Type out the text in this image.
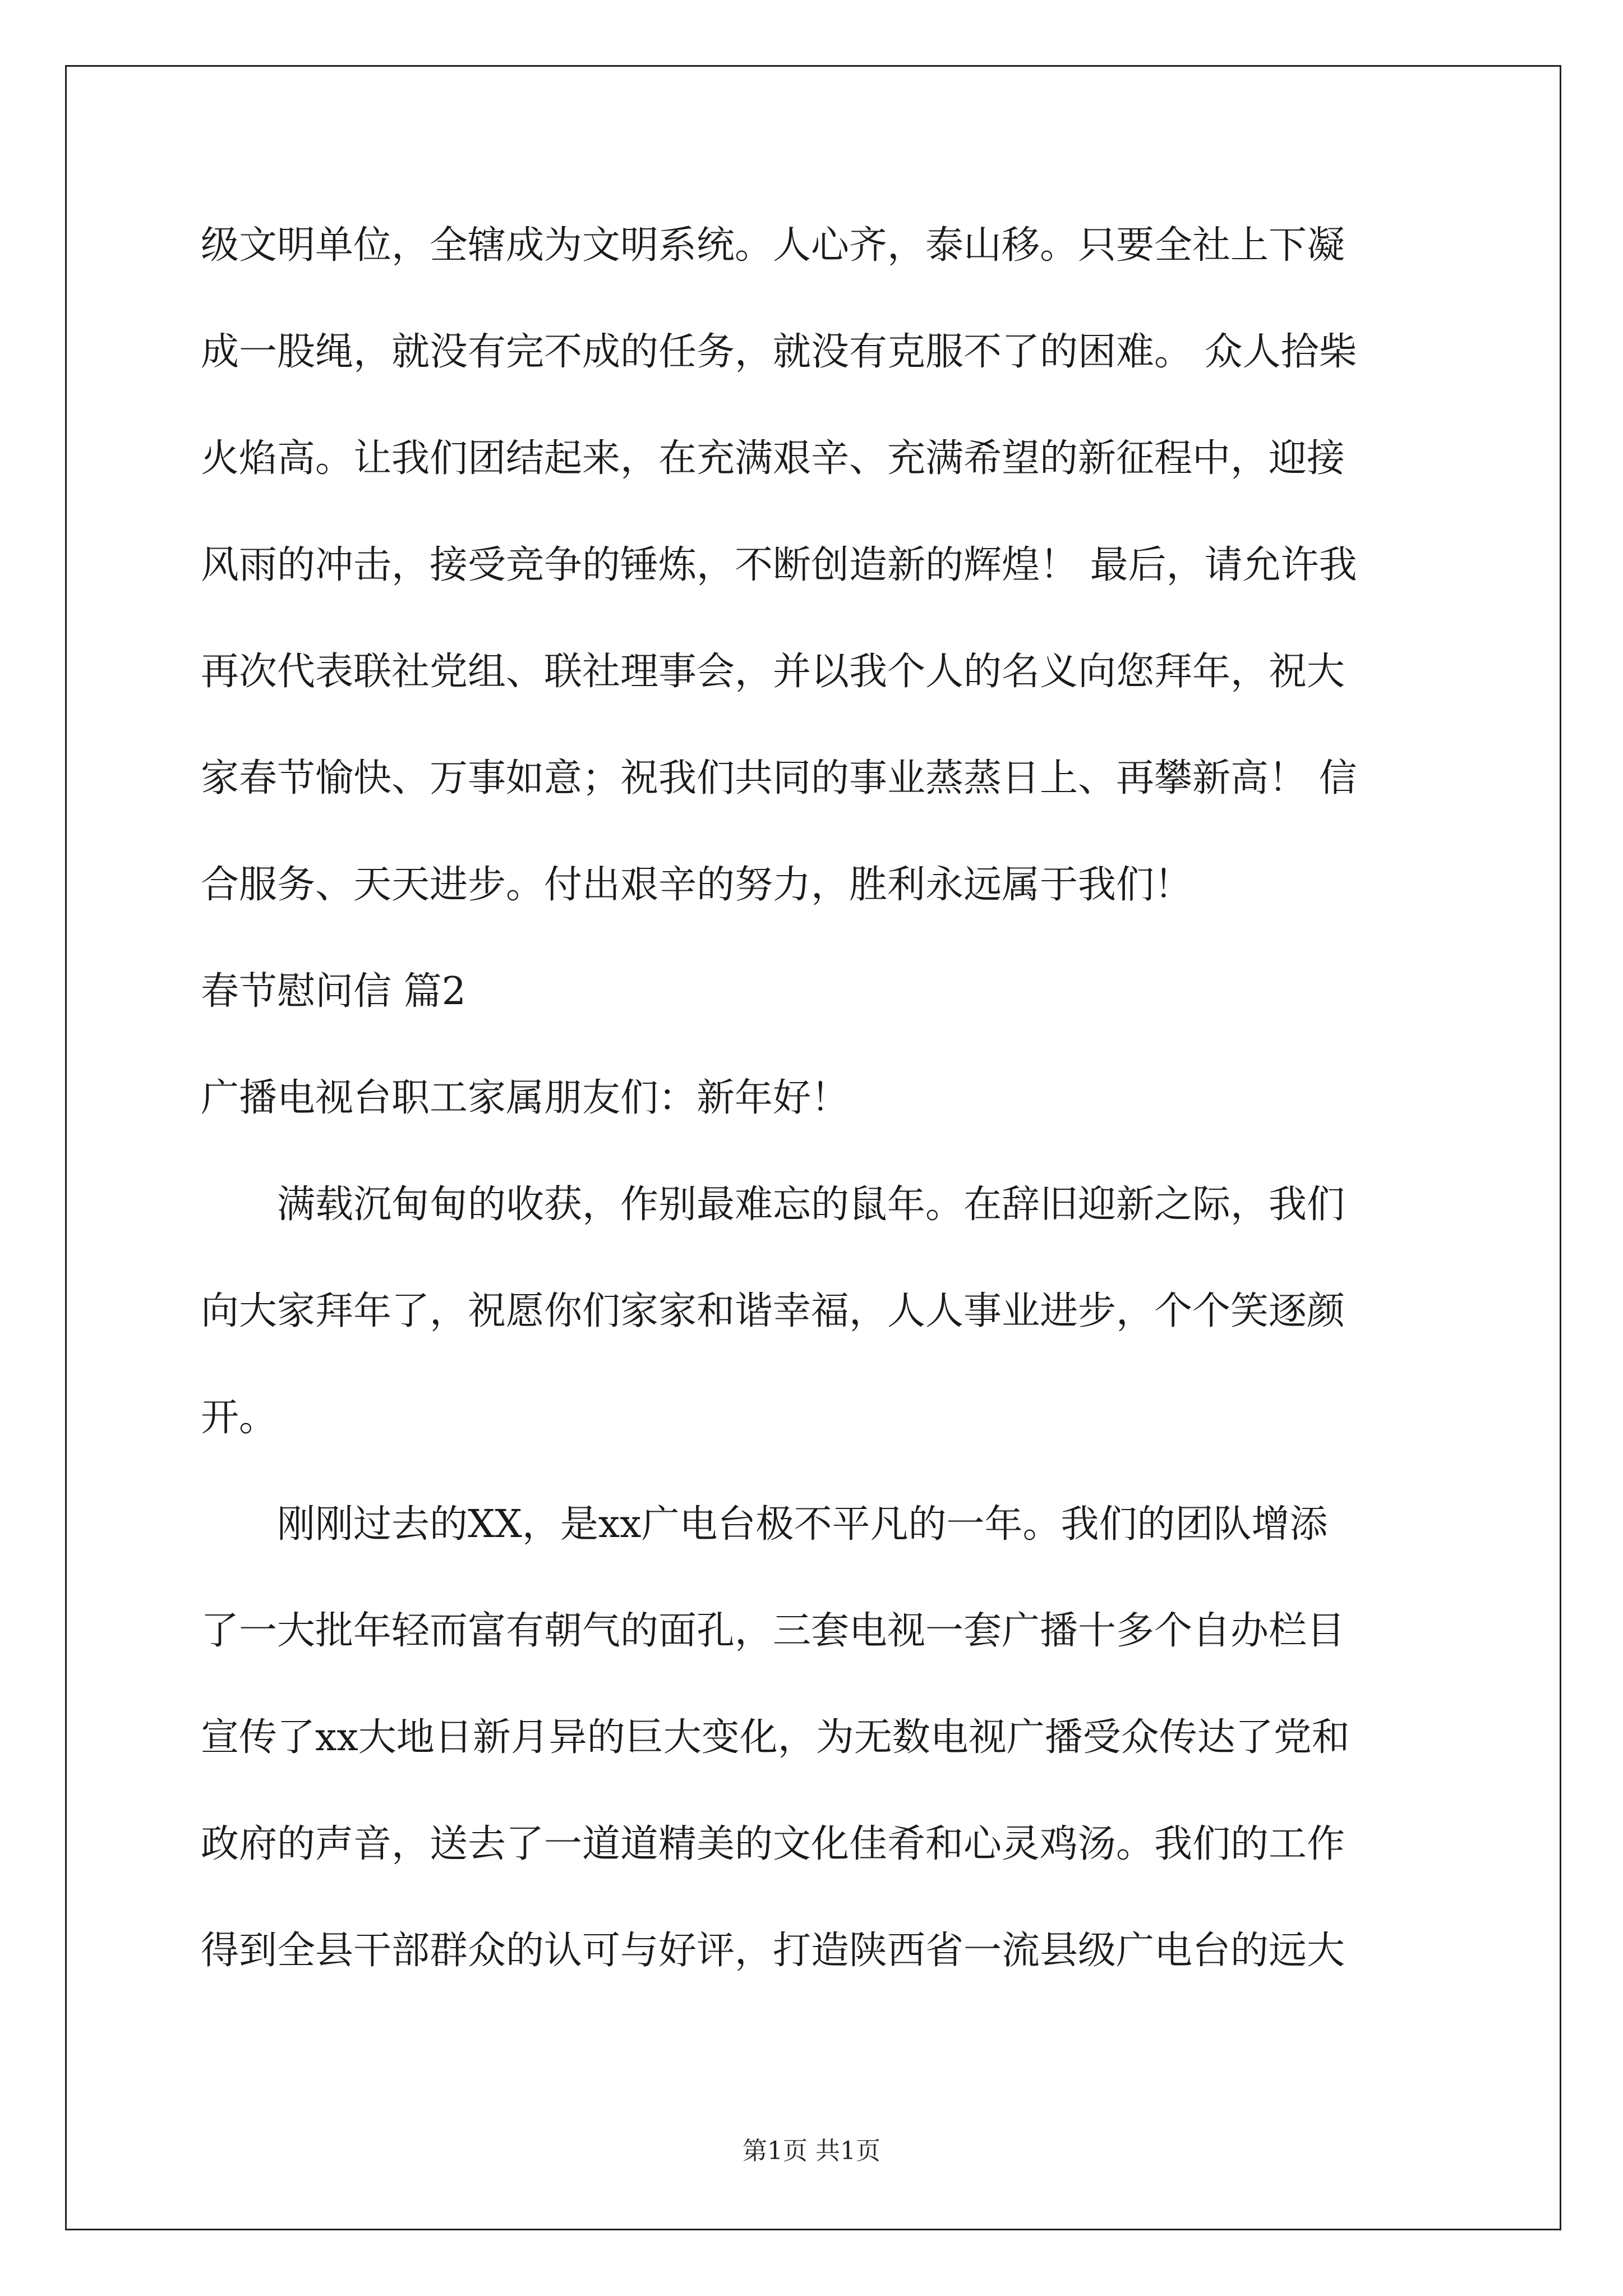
级文明单位，全辖成为文明系统。人心齐，泰山移。只要全社上下凝

成一股绳，就没有完不成的任务，就没有克服不了的困难。 众人拾柴

火焰高。让我们团结起来，在充满艰辛、充满希望的新征程中，迎接

风雨的冲击，接受竞争的锤炼，不断创造新的辉煌！ 最后，请允许我

再次代表联社党组、联社理事会，并以我个人的名义向您拜年，祝大

家春节愉快、万事如意；祝我们共同的事业蒸蒸日上、再攀新高！ 信

合服务、天天进步。付出艰辛的努力，胜利永远属于我们！

春节慰问信 篇2

广播电视台职工家属朋友们：新年好！

满载沉甸甸的收获，作别最难忘的鼠年。在辞旧迎新之际，我们

向大家拜年了，祝愿你们家家和谐幸福，人人事业进步，个个笑逐颜

开。

刚刚过去的XX，是xx广电台极不平凡的一年。我们的团队增添

了一大批年轻而富有朝气的面孔，三套电视一套广播十多个自办栏目

宣传了xx大地日新月异的巨大变化，为无数电视广播受众传达了党和

政府的声音，送去了一道道精美的文化佳肴和心灵鸡汤。我们的工作

得到全县干部群众的认可与好评，打造陕西省一流县级广电台的远大

第1页 共1页
